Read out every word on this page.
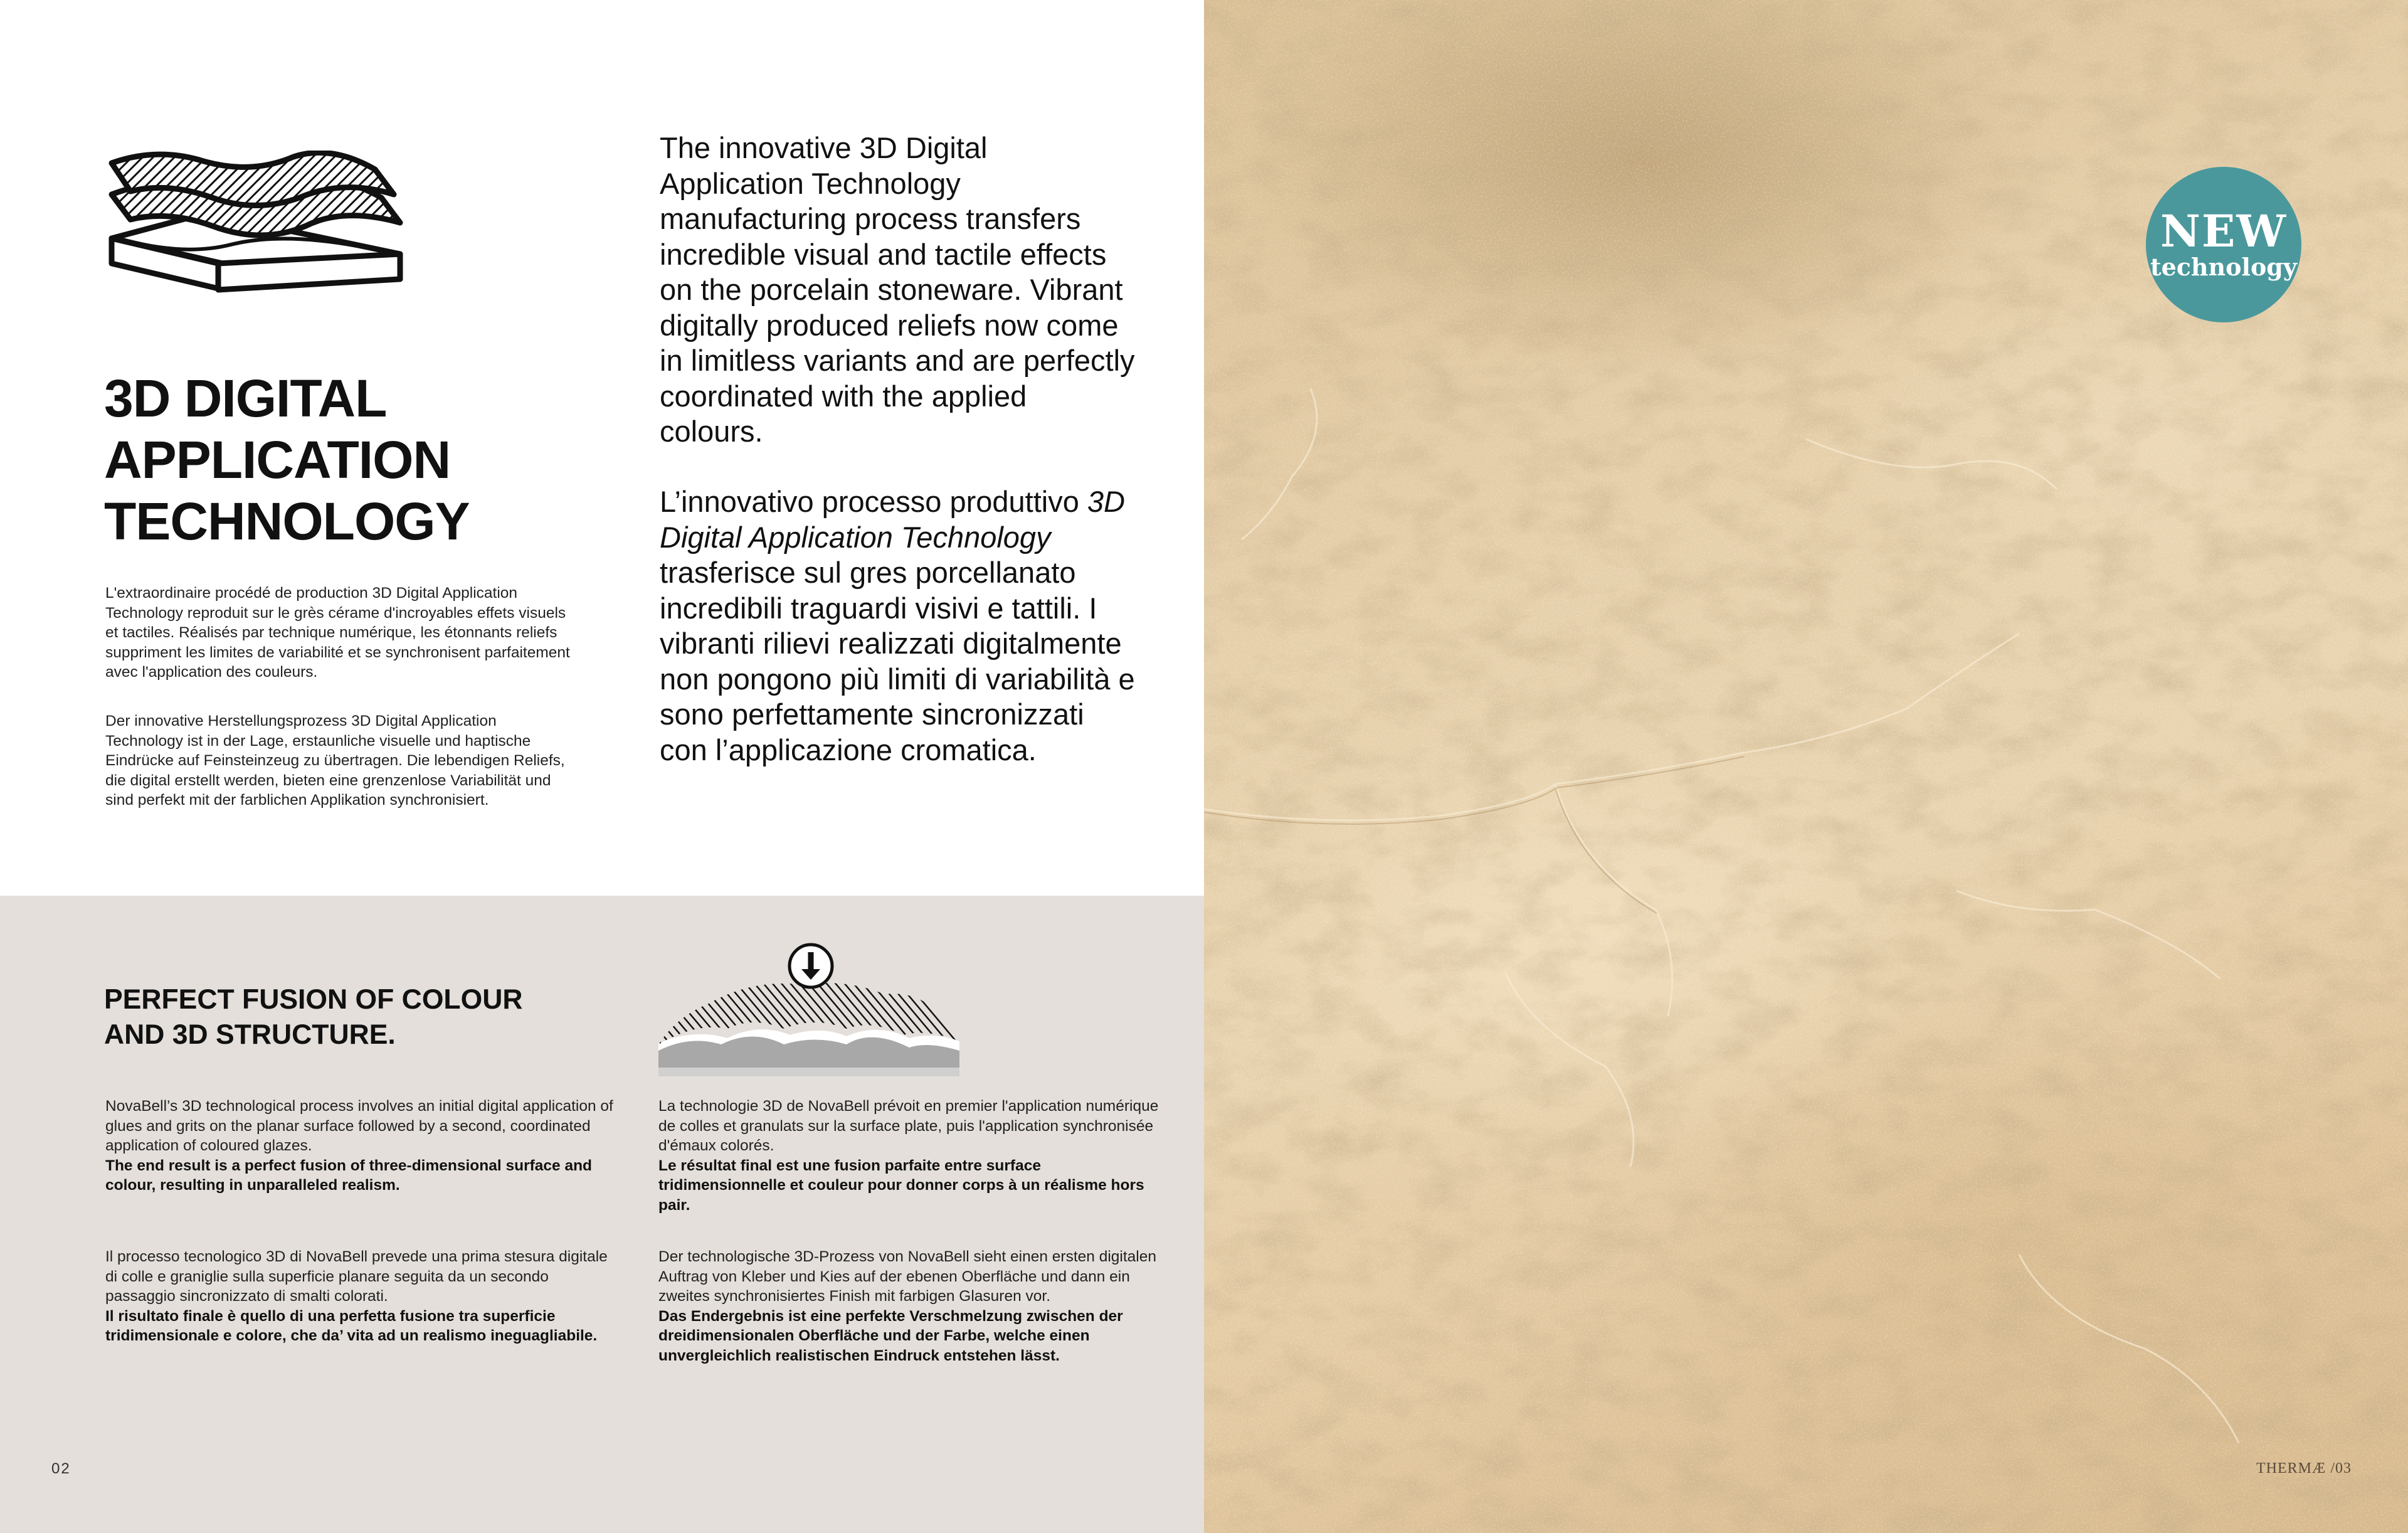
3D DIGITAL
APPLICATION
TECHNOLOGY

L'extraordinaire procédé de production 3D Digital Application Technology reproduit sur le grès cérame d'incroyables effets visuels et tactiles. Réalisés par technique numérique, les étonnants reliefs suppriment les limites de variabilité et se synchronisent parfaitement avec l'application des couleurs.

Der innovative Herstellungsprozess 3D Digital Application Technology ist in der Lage, erstaunliche visuelle und haptische Eindrücke auf Feinsteinzeug zu übertragen. Die lebendigen Reliefs, die digital erstellt werden, bieten eine grenzenlose Variabilität und sind perfekt mit der farblichen Applikation synchronisiert.

The innovative 3D Digital Application Technology manufacturing process transfers incredible visual and tactile effects on the porcelain stoneware. Vibrant digitally produced reliefs now come in limitless variants and are perfectly coordinated with the applied colours.

L’innovativo processo produttivo 3D Digital Application Technology trasferisce sul gres porcellanato incredibili traguardi visivi e tattili. I vibranti rilievi realizzati digitalmente non pongono più limiti di variabilità e sono perfettamente sincronizzati con l’applicazione cromatica.

PERFECT FUSION OF COLOUR
AND 3D STRUCTURE.
NovaBell’s 3D technological process involves an initial digital application of glues and grits on the planar surface followed by a second, coordinated application of coloured glazes.
The end result is a perfect fusion of three-dimensional surface and colour, resulting in unparalleled realism.
Il processo tecnologico 3D di NovaBell prevede una prima stesura digitale di colle e graniglie sulla superficie planare seguita da un secondo passaggio sincronizzato di smalti colorati.
Il risultato finale è quello di una perfetta fusione tra superficie tridimensionale e colore, che da’ vita ad un realismo ineguagliabile.
La technologie 3D de NovaBell prévoit en premier l'application numérique de colles et granulats sur la surface plate, puis l'application synchronisée d'émaux colorés.
Le résultat final est une fusion parfaite entre surface tridimensionnelle et couleur pour donner corps à un réalisme hors pair.
Der technologische 3D-Prozess von NovaBell sieht einen ersten digitalen Auftrag von Kleber und Kies auf der ebenen Oberfläche und dann ein zweites synchronisiertes Finish mit farbigen Glasuren vor.
Das Endergebnis ist eine perfekte Verschmelzung zwischen der dreidimensionalen Oberfläche und der Farbe, welche einen unvergleichlich realistischen Eindruck entstehen lässt.
02
NEW
technology
THERMÆ /03
